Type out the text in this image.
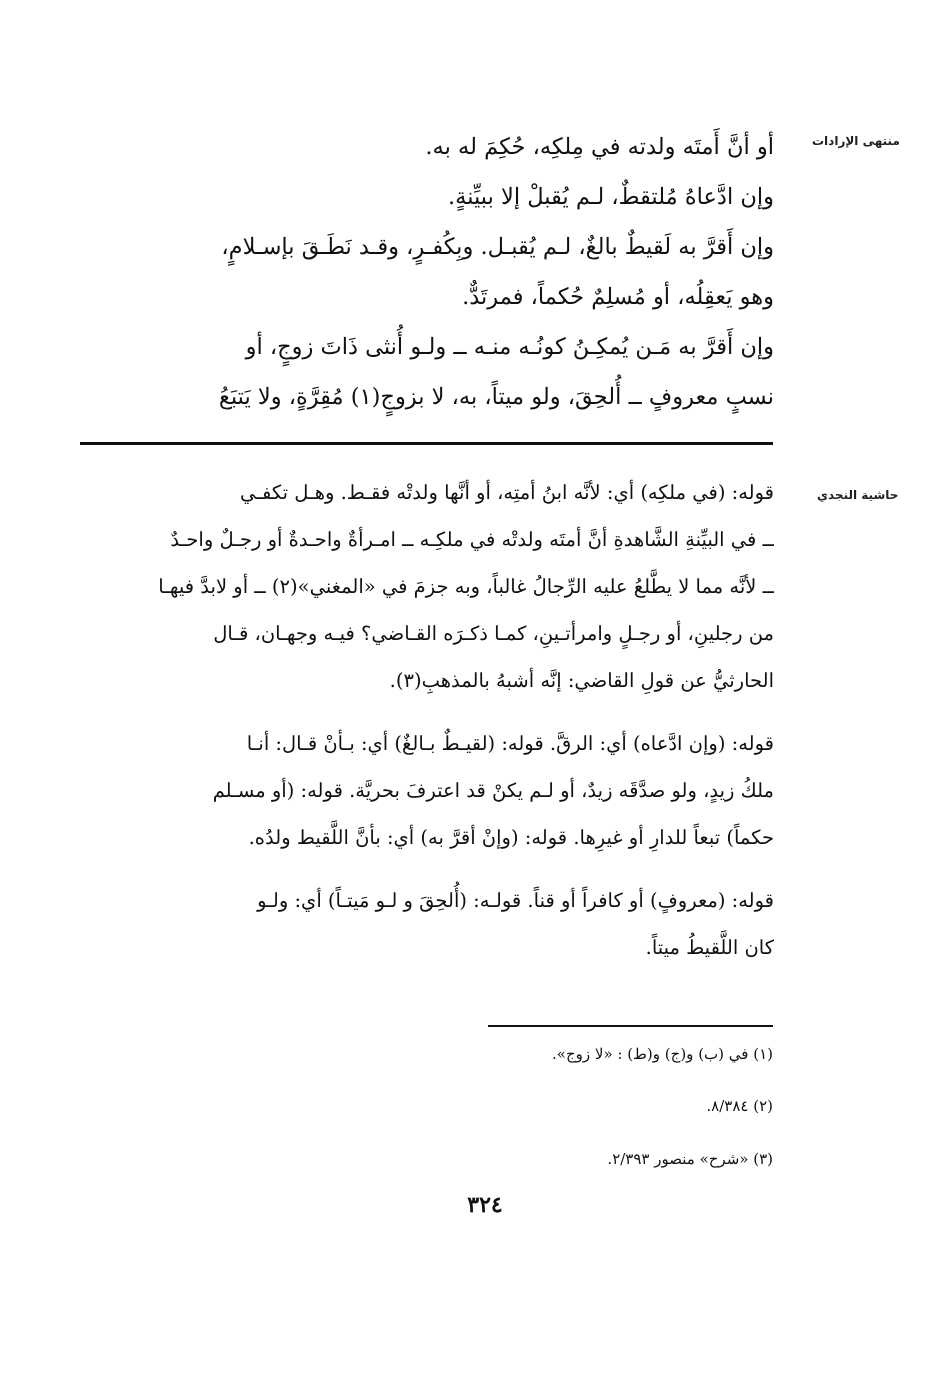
منتهى الإرادات
حاشية النجدي
أو أنَّ أَمتَه ولدته في مِلكِه، حُكِمَ له به.
وإن ادَّعاهُ مُلتقطٌ، لـم يُقبلْ إلا ببيِّنةٍ.
وإن أَقرَّ به لَقيطٌ بالغٌ، لـم يُقبـل. وبِكُفـرٍ، وقـد نَطَـقَ بإسـلامٍ،
وهو يَعقِلُه، أو مُسلِمٌ حُكماً، فمرتَدٌّ.
وإن أَقرَّ به مَـن يُمكِـنُ كونُـه منـه ــ ولـو أُنثى ذَاتَ زوجٍ، أو
نسبٍ معروفٍ ــ أُلحِقَ، ولو ميتاً، به، لا بزوجٍ(١) مُقِرَّةٍ، ولا يَتبَعُ
قوله: (في ملكِه) أي: لأنَّه ابنُ أمتِه، أو أنَّها ولدتْه فقـط. وهـل تكفـي
ــ في البيِّنةِ الشَّاهدةِ أنَّ أمتَه ولدتْه في ملكِـه ــ امـرأةٌ واحـدةٌ أو رجـلٌ واحـدٌ
ــ لأنَّه مما لا يطَّلعُ عليه الرِّجالُ غالباً، وبه جزمَ في «المغني»(٢) ــ أو لابدَّ فيهـا
من رجلينِ، أو رجـلٍ وامرأتـينِ، كمـا ذكـرَه القـاضي؟ فيـه وجهـان، قـال
الحارثيُّ عن قولِ القاضي: إنَّه أشبهُ بالمذهبِ(٣).
قوله: (وإن ادَّعاه) أي: الرقَّ. قوله: (لقيـطٌ بـالغٌ) أي: بـأنْ قـال: أنـا
ملكُ زيدٍ، ولو صدَّقَه زيدٌ، أو لـم يكنْ قد اعترفَ بحريَّة. قوله: (أو مسـلم
حكماً) تبعاً للدارِ أو غيرِها. قوله: (وإنْ أقرَّ به) أي: بأنَّ اللَّقيط ولدُه.
قوله: (معروفٍ) أو كافراً أو قناً. قولـه: (أُلحِقَ و لـو مَيتـاً) أي: ولـو
كان اللَّقيطُ ميتاً.
(١) في (ب) و(ج) و(ط) : «لا زوج».
(٢) ٨/٣٨٤.
(٣) «شرح» منصور ٢/٣٩٣.
٣٢٤
